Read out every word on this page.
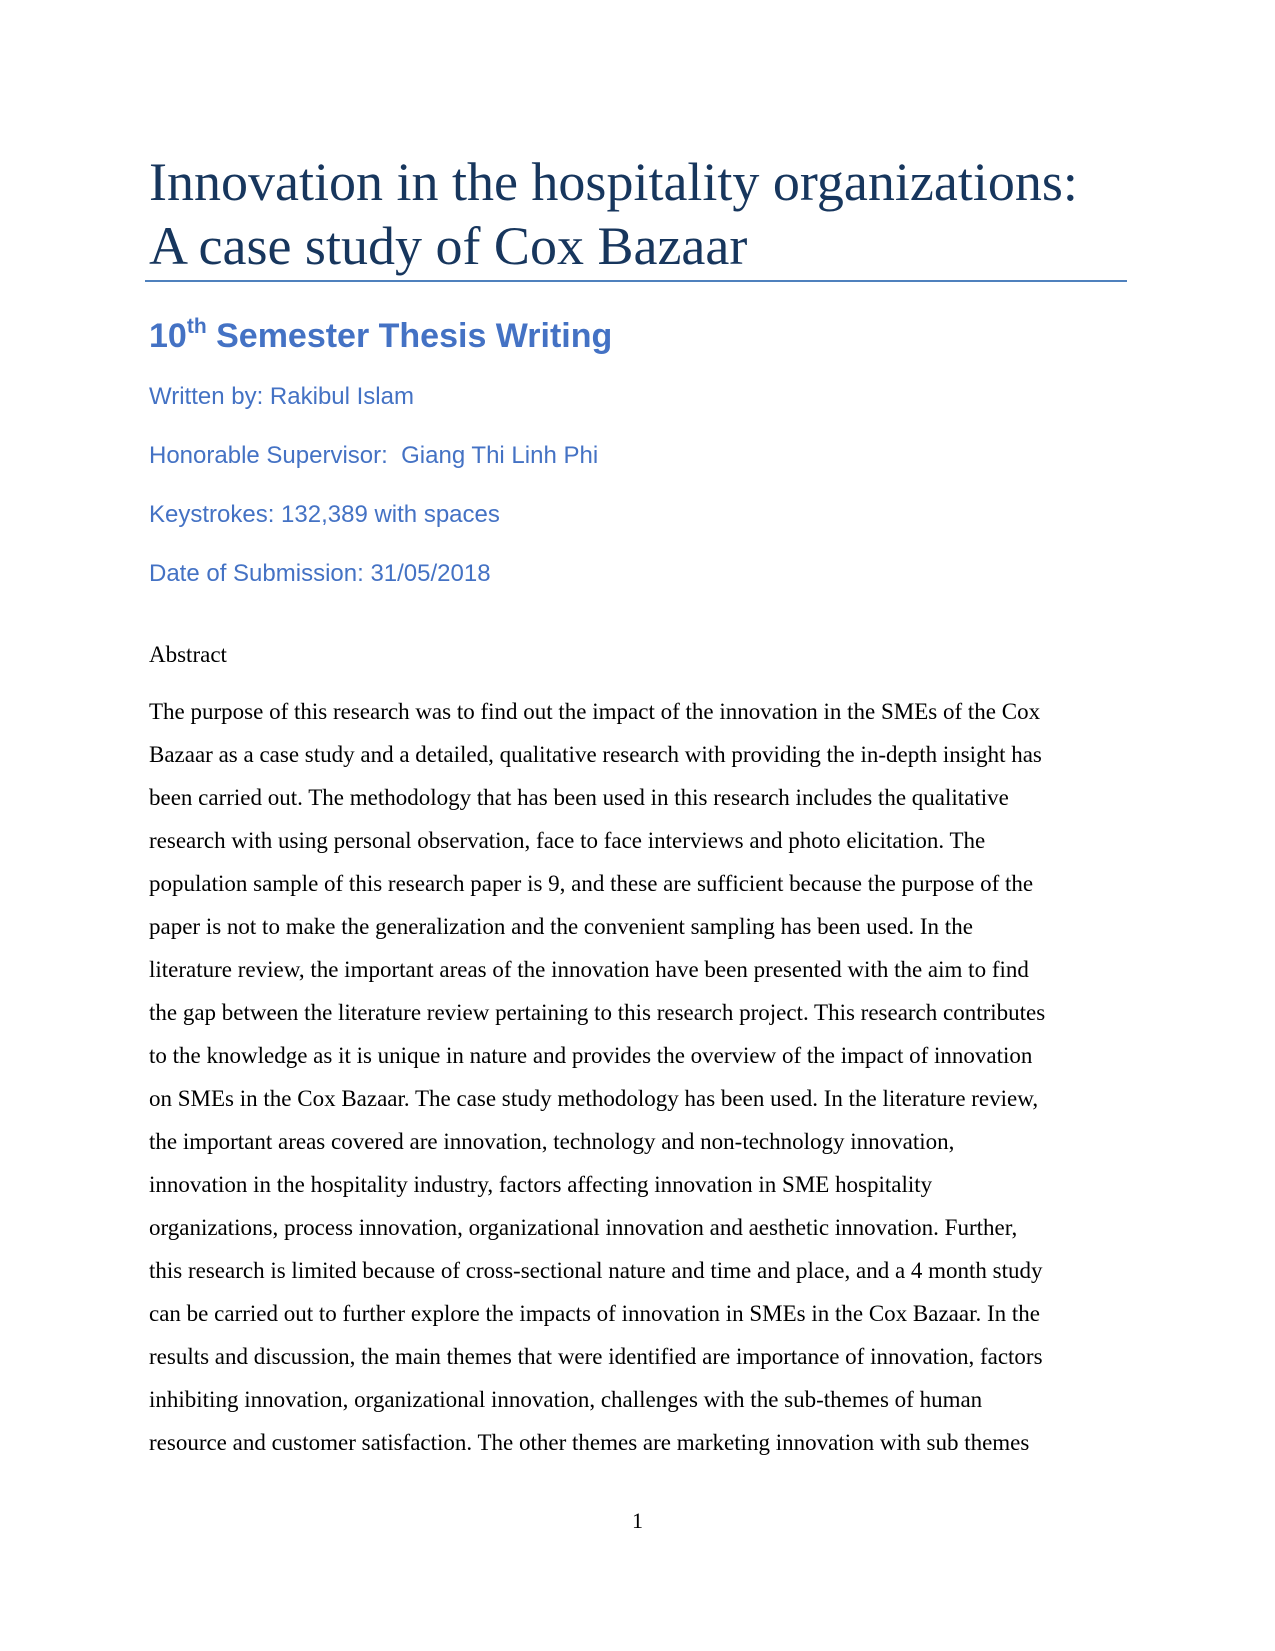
Innovation in the hospitality organizations:
A case study of Cox Bazaar
10th Semester Thesis Writing

Written by: Rakibul Islam

Honorable Supervisor:  Giang Thi Linh Phi

Keystrokes: 132,389 with spaces

Date of Submission: 31/05/2018

Abstract
The purpose of this research was to find out the impact of the innovation in the SMEs of the Cox
Bazaar as a case study and a detailed, qualitative research with providing the in-depth insight has
been carried out. The methodology that has been used in this research includes the qualitative
research with using personal observation, face to face interviews and photo elicitation. The
population sample of this research paper is 9, and these are sufficient because the purpose of the
paper is not to make the generalization and the convenient sampling has been used. In the
literature review, the important areas of the innovation have been presented with the aim to find
the gap between the literature review pertaining to this research project. This research contributes
to the knowledge as it is unique in nature and provides the overview of the impact of innovation
on SMEs in the Cox Bazaar. The case study methodology has been used. In the literature review,
the important areas covered are innovation, technology and non-technology innovation,
innovation in the hospitality industry, factors affecting innovation in SME hospitality
organizations, process innovation, organizational innovation and aesthetic innovation. Further,
this research is limited because of cross-sectional nature and time and place, and a 4 month study
can be carried out to further explore the impacts of innovation in SMEs in the Cox Bazaar. In the
results and discussion, the main themes that were identified are importance of innovation, factors
inhibiting innovation, organizational innovation, challenges with the sub-themes of human
resource and customer satisfaction. The other themes are marketing innovation with sub themes
1
